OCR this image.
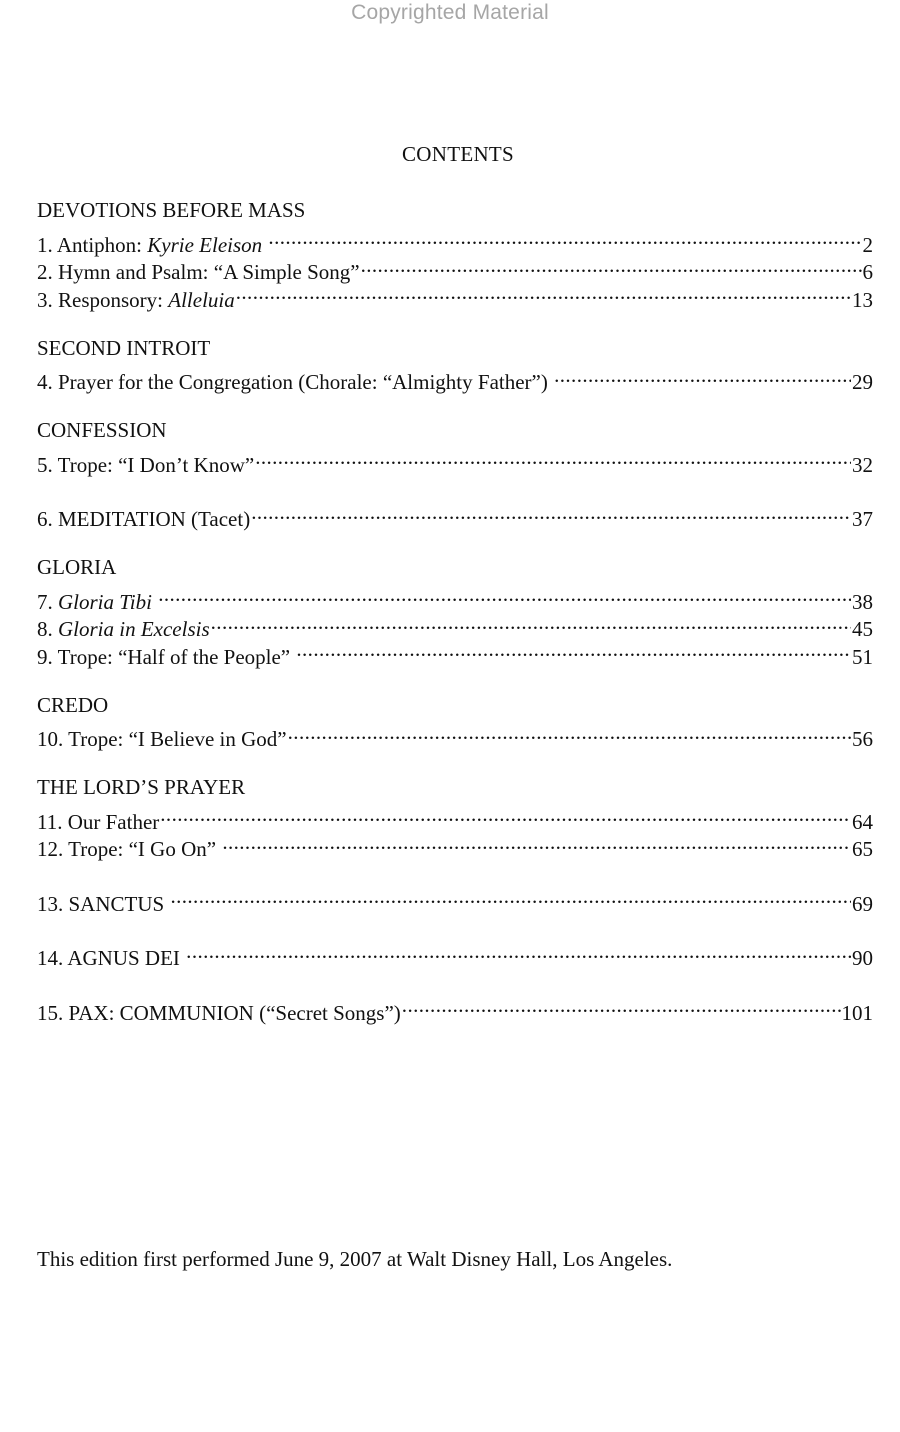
Copyrighted Material
CONTENTS
DEVOTIONS BEFORE MASS
1. Antiphon: Kyrie Eleison .....	2
2. Hymn and Psalm: “A Simple Song” .....	6
3. Responsory: Alleluia .....	13
SECOND INTROIT
4. Prayer for the Congregation (Chorale: “Almighty Father”) .....	29
CONFESSION
5. Trope: “I Don’t Know” .....	32
6. MEDITATION (Tacet) .....	37
GLORIA
7. Gloria Tibi .....	38
8. Gloria in Excelsis .....	45
9. Trope: “Half of the People” .....	51
CREDO
10. Trope: “I Believe in God” .....	56
THE LORD’S PRAYER
11. Our Father .....	64
12. Trope: “I Go On” .....	65
13. SANCTUS .....	69
14. AGNUS DEI .....	90
15. PAX: COMMUNION (“Secret Songs”) .....	101
This edition first performed June 9, 2007 at Walt Disney Hall, Los Angeles.
